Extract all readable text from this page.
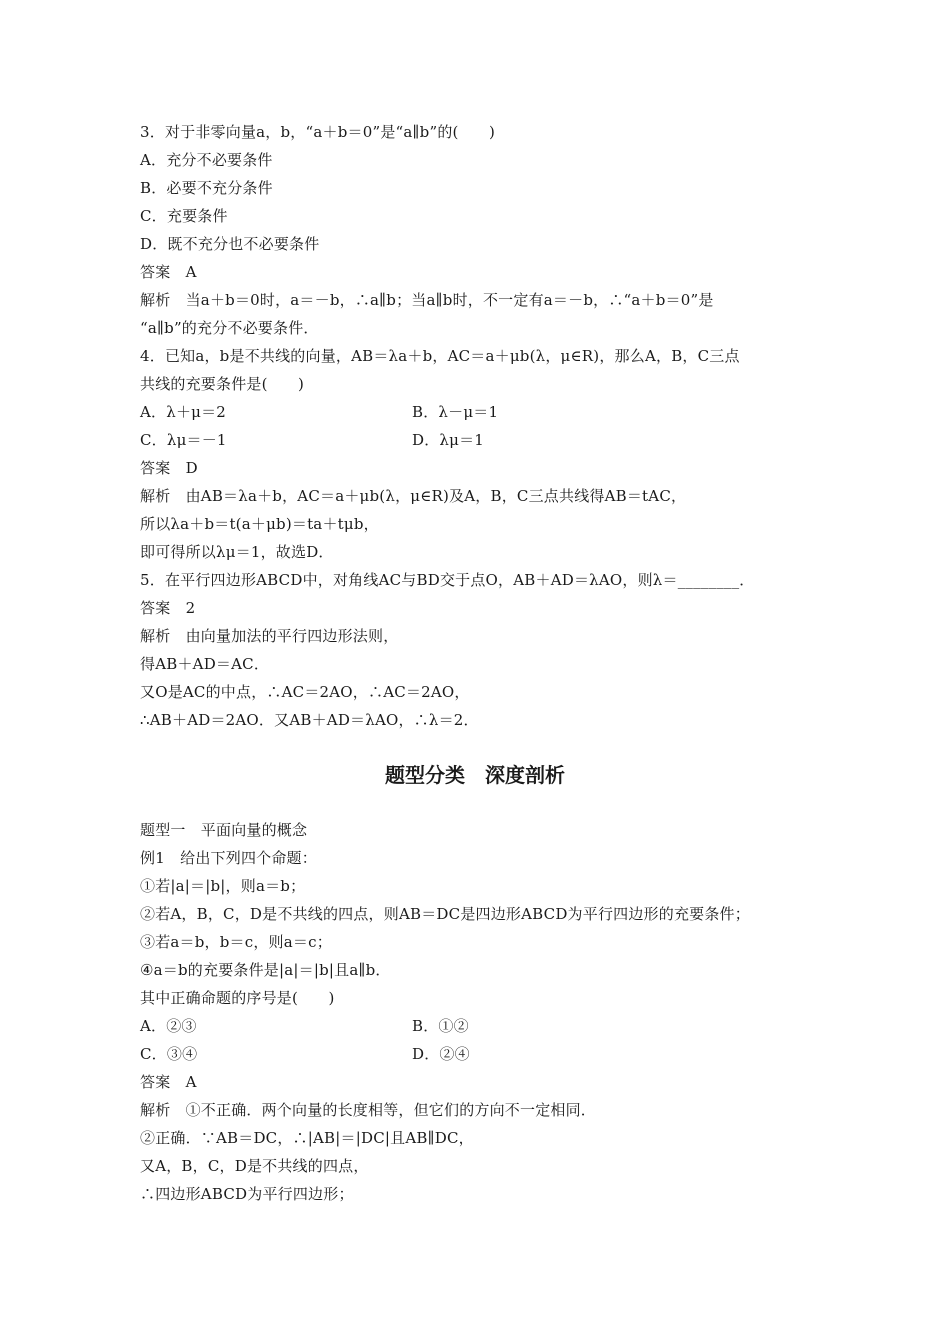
3．对于非零向量a，b，“a＋b＝0”是“a∥b”的(　　)
A．充分不必要条件
B．必要不充分条件
C．充要条件
D．既不充分也不必要条件
答案　A
解析　当a＋b＝0时，a＝－b，∴a∥b；当a∥b时，不一定有a＝－b，∴“a＋b＝0”是
“a∥b”的充分不必要条件．
4．已知a，b是不共线的向量，AB＝λa＋b，AC＝a＋μb(λ，μ∈R)，那么A，B，C三点
共线的充要条件是(　　)
A．λ＋μ＝2	B．λ－μ＝1
C．λμ＝－1	D．λμ＝1
答案　D
解析　由AB＝λa＋b，AC＝a＋μb(λ，μ∈R)及A，B，C三点共线得AB＝tAC，
所以λa＋b＝t(a＋μb)＝ta＋tμb，
即可得所以λμ＝1，故选D．
5．在平行四边形ABCD中，对角线AC与BD交于点O，AB＋AD＝λAO，则λ＝________．
答案　2
解析　由向量加法的平行四边形法则，
得AB＋AD＝AC．
又O是AC的中点，∴AC＝2AO，∴AC＝2AO，
∴AB＋AD＝2AO．又AB＋AD＝λAO，∴λ＝2．
题型分类　深度剖析
题型一　平面向量的概念
例1　给出下列四个命题：
①若|a|＝|b|，则a＝b；
②若A，B，C，D是不共线的四点，则AB＝DC是四边形ABCD为平行四边形的充要条件；
③若a＝b，b＝c，则a＝c；
④a＝b的充要条件是|a|＝|b|且a∥b．
其中正确命题的序号是(　　)
A．②③	B．①②
C．③④	D．②④
答案　A
解析　①不正确．两个向量的长度相等，但它们的方向不一定相同．
②正确．∵AB＝DC，∴|AB|＝|DC|且AB∥DC，
又A，B，C，D是不共线的四点，
∴四边形ABCD为平行四边形；
